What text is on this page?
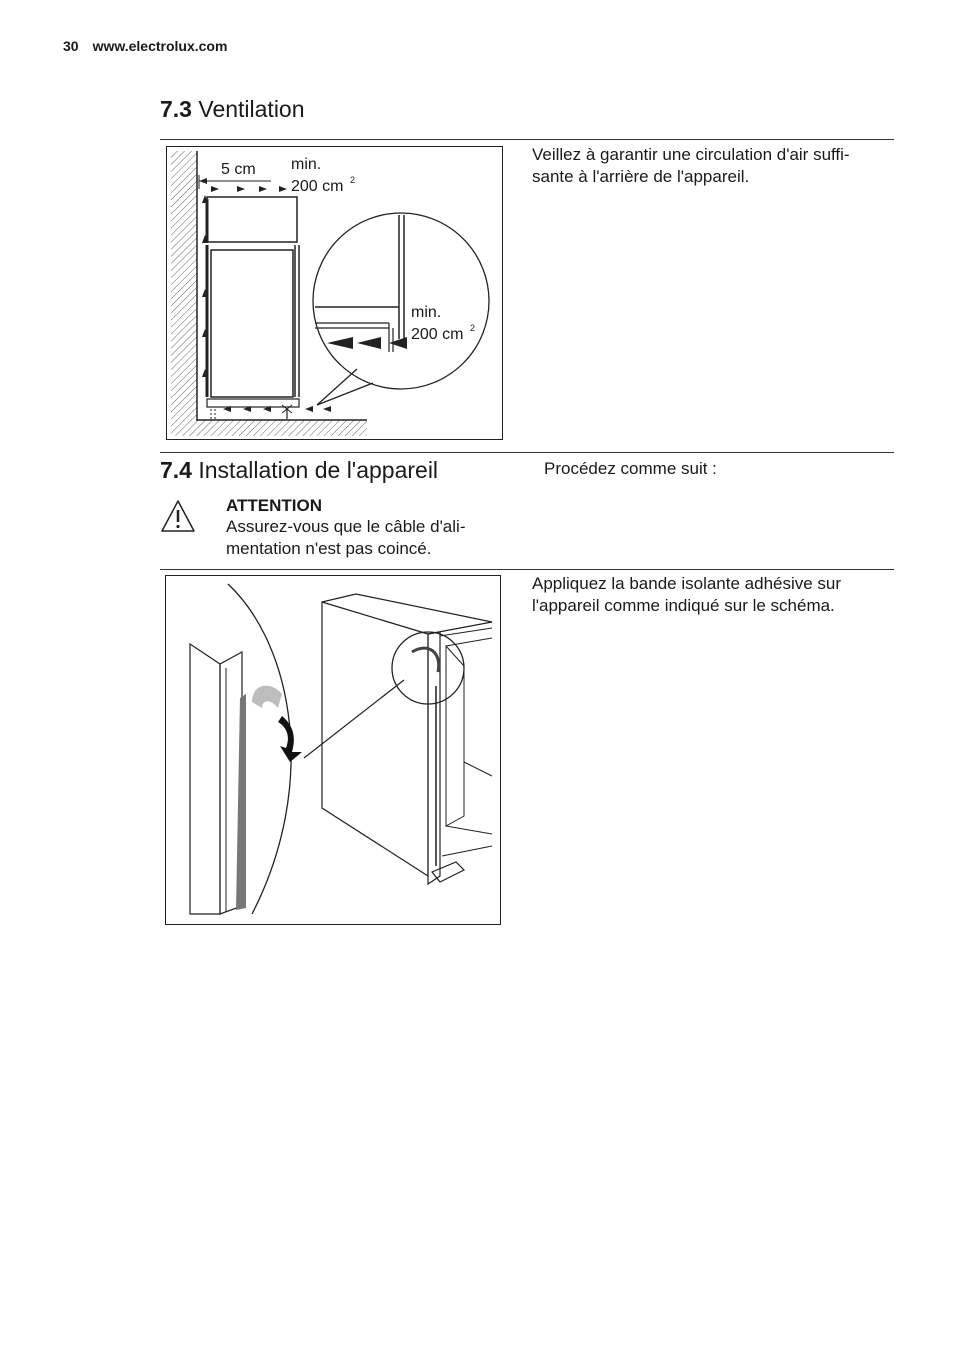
30 www.electrolux.com
7.3 Ventilation
5 cm min.
200 cm 2
min.
200 cm 2
Veillez à garantir une circulation d'air suffi-
sante à l'arrière de l'appareil.
7.4 Installation de l'appareil	Procédez comme suit :
ATTENTION
Assurez-vous que le câble d'ali-
mentation n'est pas coincé.
Appliquez la bande isolante adhésive sur
l'appareil comme indiqué sur le schéma.
